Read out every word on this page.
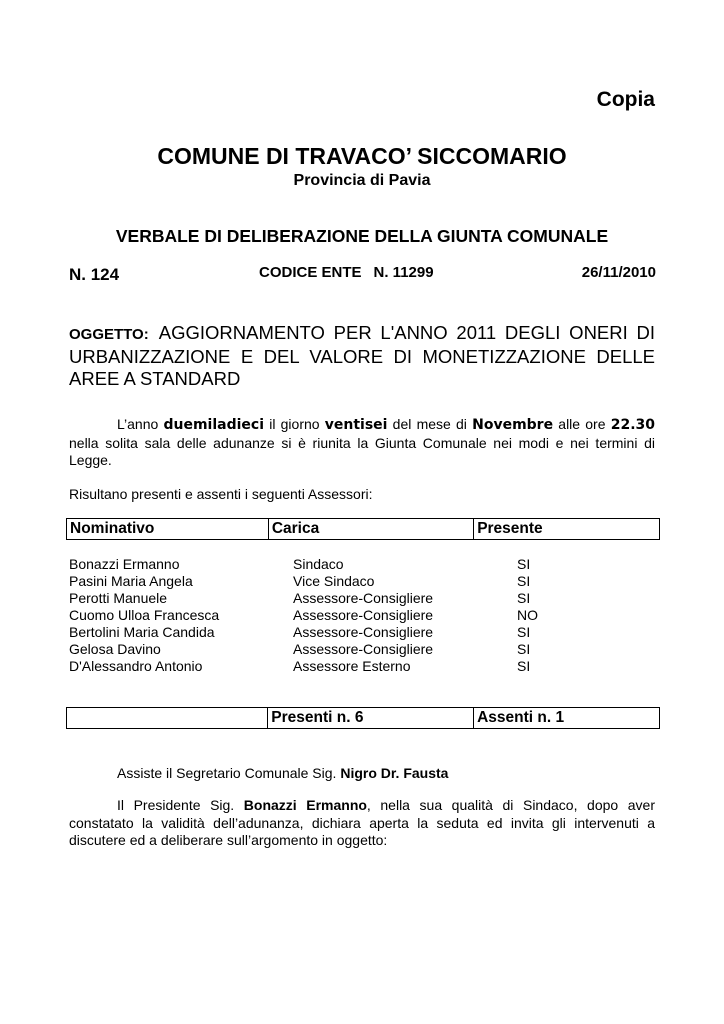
Copia
COMUNE DI TRAVACO’ SICCOMARIO
Provincia di Pavia
VERBALE DI DELIBERAZIONE DELLA GIUNTA COMUNALE
N. 124	CODICE ENTE N. 11299	26/11/2010
OGGETTO: AGGIORNAMENTO PER L'ANNO 2011 DEGLI ONERI DI URBANIZZAZIONE E DEL VALORE DI MONETIZZAZIONE DELLE AREE A STANDARD
L’anno duemiladieci il giorno ventisei del mese di Novembre alle ore 22.30 nella solita sala delle adunanze si è riunita la Giunta Comunale nei modi e nei termini di Legge.
Risultano presenti e assenti i seguenti Assessori:
Nominativo	Carica	Presente
Bonazzi Ermanno	Sindaco	SI
Pasini Maria Angela	Vice Sindaco	SI
Perotti Manuele	Assessore-Consigliere	SI
Cuomo Ulloa Francesca	Assessore-Consigliere	NO
Bertolini Maria Candida	Assessore-Consigliere	SI
Gelosa Davino	Assessore-Consigliere	SI
D'Alessandro Antonio	Assessore Esterno	SI
	Presenti n. 6	Assenti n. 1
Assiste il Segretario Comunale Sig. Nigro Dr. Fausta
Il Presidente Sig. Bonazzi Ermanno, nella sua qualità di Sindaco, dopo aver constatato la validità dell’adunanza, dichiara aperta la seduta ed invita gli intervenuti a discutere ed a deliberare sull’argomento in oggetto:
